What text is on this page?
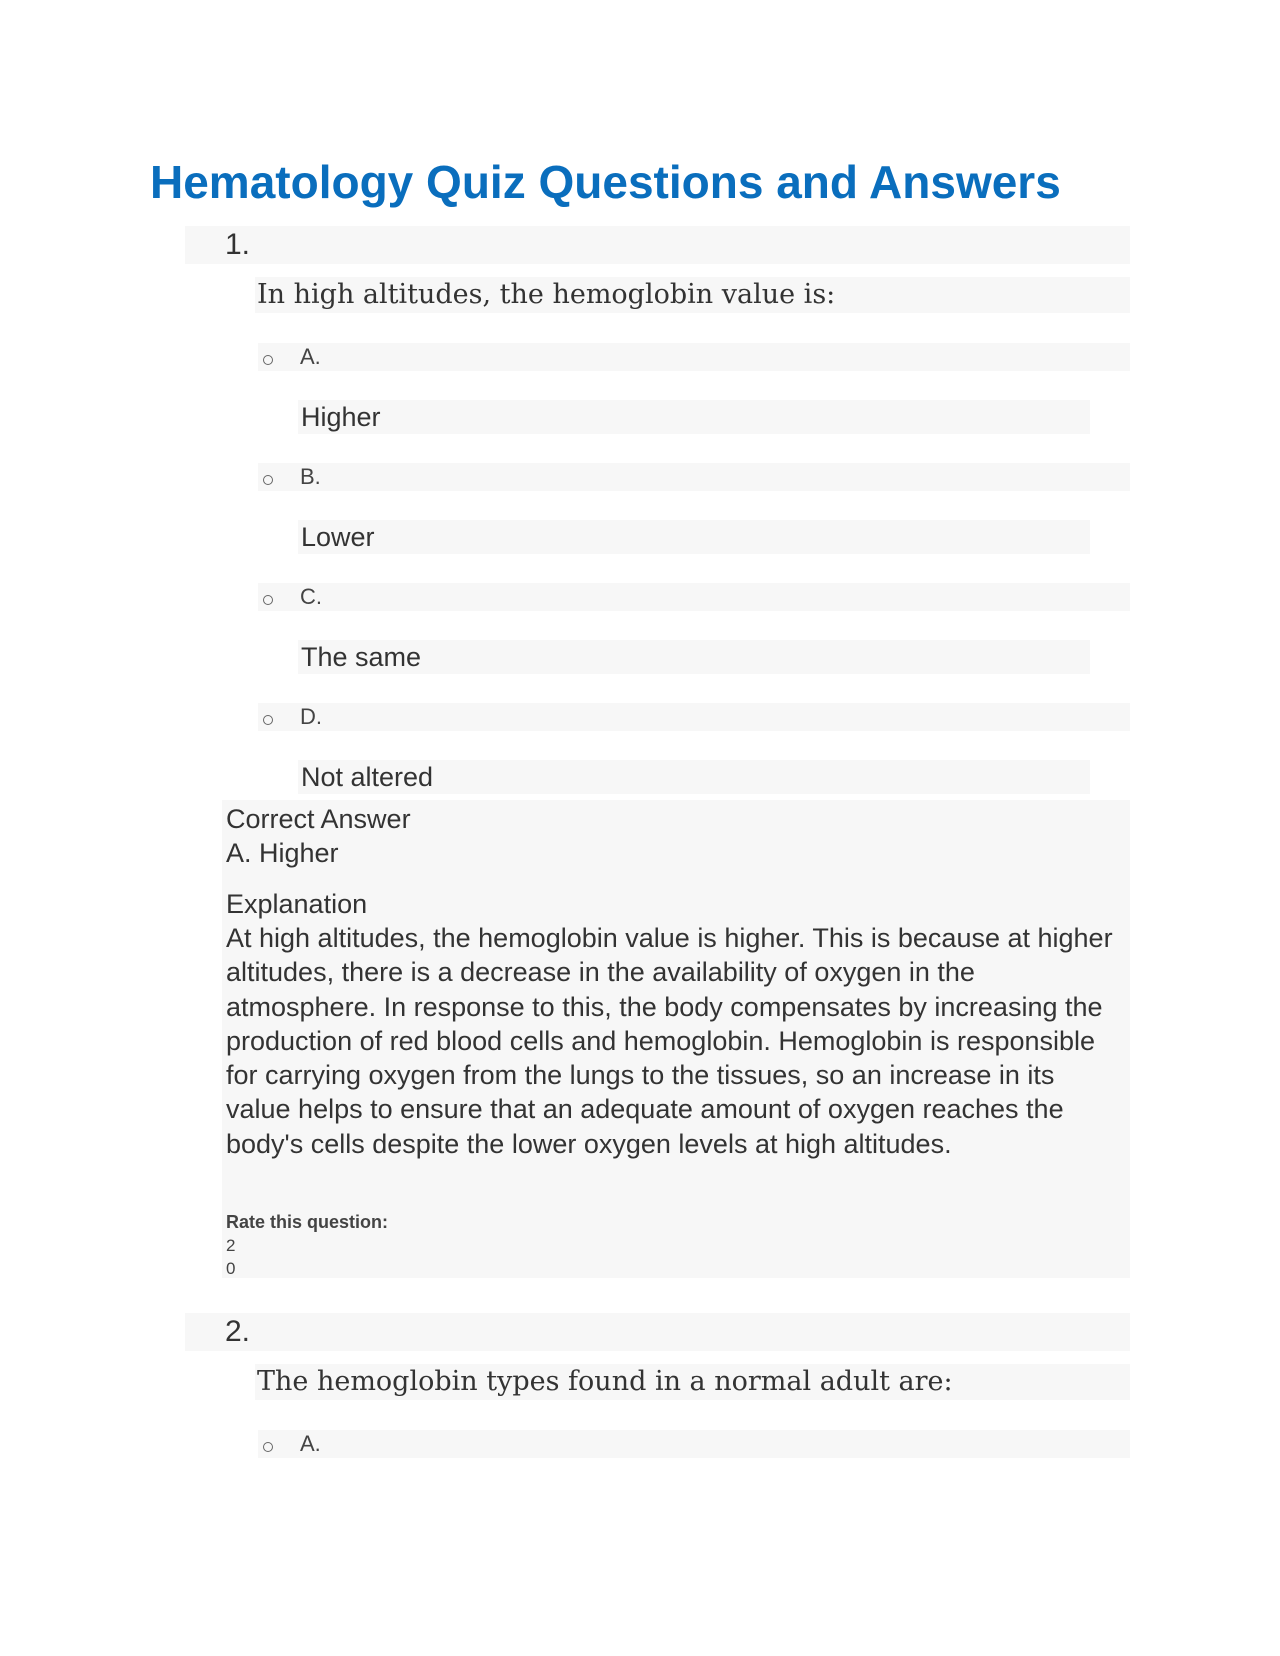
Hematology Quiz Questions and Answers
1.
In high altitudes, the hemoglobin value is:
A.
Higher
B.
Lower
C.
The same
D.
Not altered
Correct Answer
A. Higher
Explanation

At high altitudes, the hemoglobin value is higher. This is because at higher altitudes, there is a decrease in the availability of oxygen in the atmosphere. In response to this, the body compensates by increasing the production of red blood cells and hemoglobin. Hemoglobin is responsible for carrying oxygen from the lungs to the tissues, so an increase in its value helps to ensure that an adequate amount of oxygen reaches the body's cells despite the lower oxygen levels at high altitudes.

Rate this question:
2
0
2.
The hemoglobin types found in a normal adult are:
A.
